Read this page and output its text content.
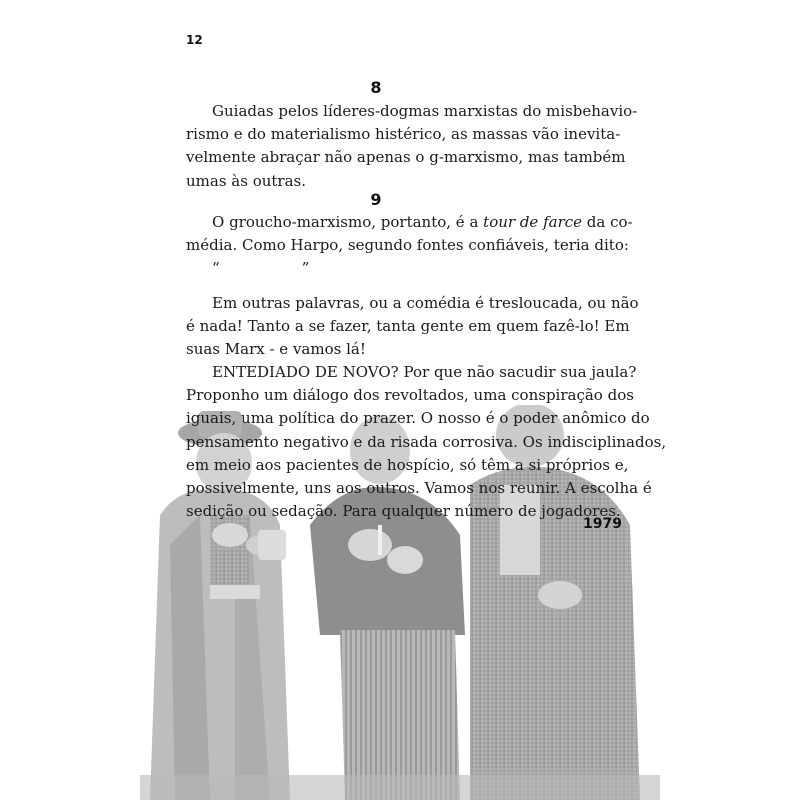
12
8
Guiadas pelos líderes-dogmas marxistas do misbehavio-
rismo e do materialismo histérico, as massas vão inevita-
velmente abraçar não apenas o g-marxismo, mas também
umas às outras.
9
O groucho-marxismo, portanto, é a tour de farce da co-
média. Como Harpo, segundo fontes confiáveis, teria dito:
“	”
Em outras palavras, ou a comédia é tresloucada, ou não
é nada! Tanto a se fazer, tanta gente em quem fazê-lo! Em
suas Marx - e vamos lá!
ENTEDIADO DE NOVO? Por que não sacudir sua jaula?
Proponho um diálogo dos revoltados, uma conspiração dos
iguais, uma política do prazer. O nosso é o poder anômico do
pensamento negativo e da risada corrosiva. Os indisciplinados,
em meio aos pacientes de hospício, só têm a si próprios e,
possivelmente, uns aos outros. Vamos nos reunir. A escolha é
sedição ou sedação. Para qualquer número de jogadores.
1979
